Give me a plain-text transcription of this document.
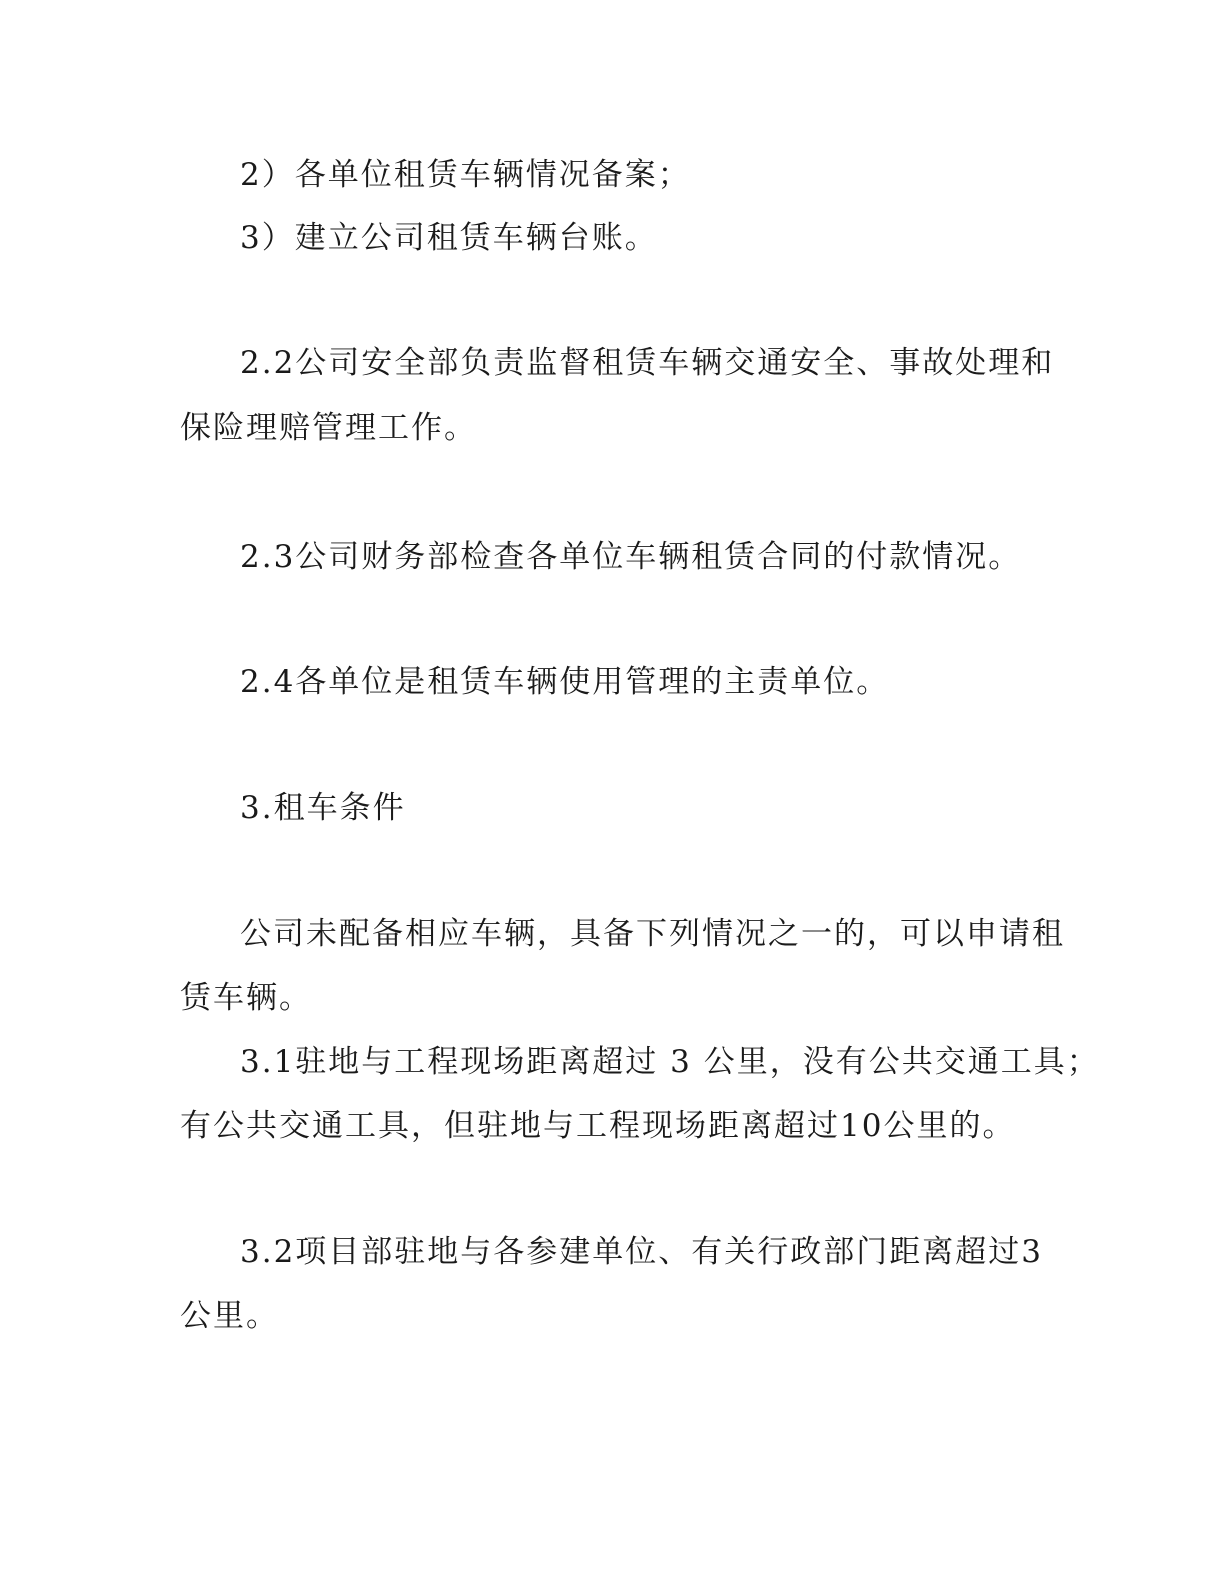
2）各单位租赁车辆情况备案；
3）建立公司租赁车辆台账。
2.2公司安全部负责监督租赁车辆交通安全、事故处理和
保险理赔管理工作。
2.3公司财务部检查各单位车辆租赁合同的付款情况。
2.4各单位是租赁车辆使用管理的主责单位。
3.租车条件
公司未配备相应车辆，具备下列情况之一的，可以申请租
赁车辆。
3.1驻地与工程现场距离超过 3 公里，没有公共交通工具；
有公共交通工具，但驻地与工程现场距离超过10公里的。
3.2项目部驻地与各参建单位、有关行政部门距离超过3
公里。
